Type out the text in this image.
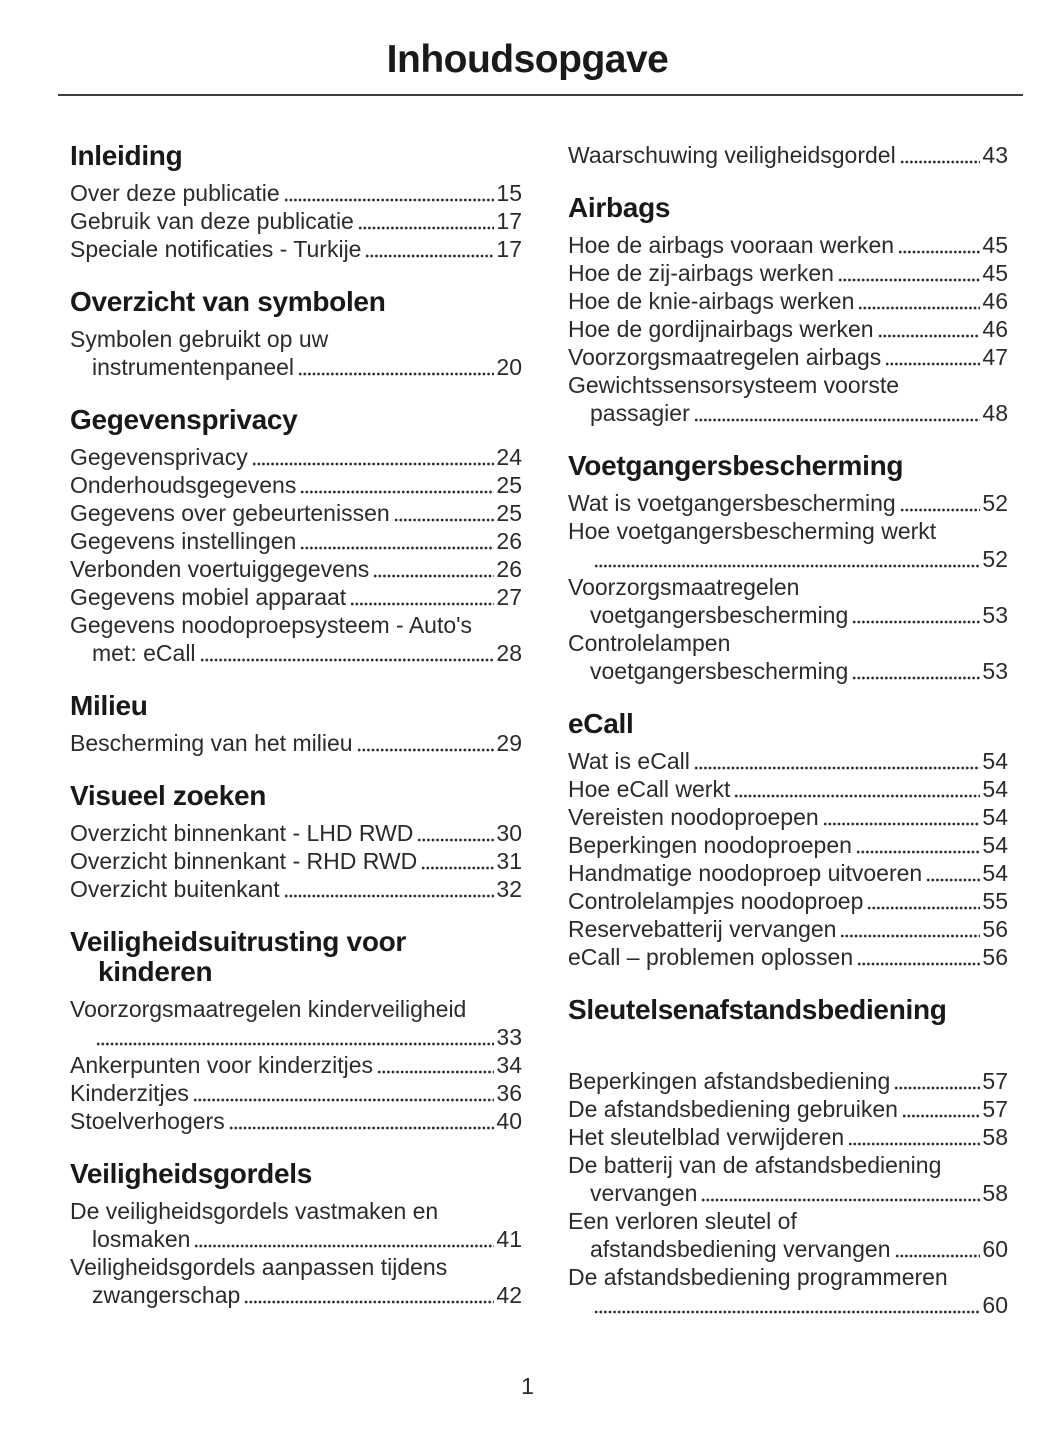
Inhoudsopgave
Inleiding
Over deze publicatie	15
Gebruik van deze publicatie	17
Speciale notificaties - Turkije	17
Overzicht van symbolen
Symbolen gebruikt op uw
instrumentenpaneel	20
Gegevensprivacy
Gegevensprivacy	24
Onderhoudsgegevens	25
Gegevens over gebeurtenissen	25
Gegevens instellingen	26
Verbonden voertuiggegevens	26
Gegevens mobiel apparaat	27
Gegevens noodoproepsysteem - Auto's
met: eCall	28
Milieu
Bescherming van het milieu	29
Visueel zoeken
Overzicht binnenkant - LHD RWD	30
Overzicht binnenkant - RHD RWD	31
Overzicht buitenkant	32
Veiligheidsuitrusting voor
kinderen
Voorzorgsmaatregelen kinderveiligheid
33
Ankerpunten voor kinderzitjes	34
Kinderzitjes	36
Stoelverhogers	40
Veiligheidsgordels
De veiligheidsgordels vastmaken en
losmaken	41
Veiligheidsgordels aanpassen tijdens
zwangerschap	42
Waarschuwing veiligheidsgordel	43
Airbags
Hoe de airbags vooraan werken	45
Hoe de zij-airbags werken	45
Hoe de knie-airbags werken	46
Hoe de gordijnairbags werken	46
Voorzorgsmaatregelen airbags	47
Gewichtssensorsysteem voorste
passagier	48
Voetgangersbescherming
Wat is voetgangersbescherming	52
Hoe voetgangersbescherming werkt
52
Voorzorgsmaatregelen
voetgangersbescherming	53
Controlelampen
voetgangersbescherming	53
eCall
Wat is eCall	54
Hoe eCall werkt	54
Vereisten noodoproepen	54
Beperkingen noodoproepen	54
Handmatige noodoproep uitvoeren	54
Controlelampjes noodoproep	55
Reservebatterij vervangen	56
eCall – problemen oplossen	56
Sleutels en afstandsbediening
Beperkingen afstandsbediening	57
De afstandsbediening gebruiken	57
Het sleutelblad verwijderen	58
De batterij van de afstandsbediening
vervangen	58
Een verloren sleutel of
afstandsbediening vervangen	60
De afstandsbediening programmeren
60
1
